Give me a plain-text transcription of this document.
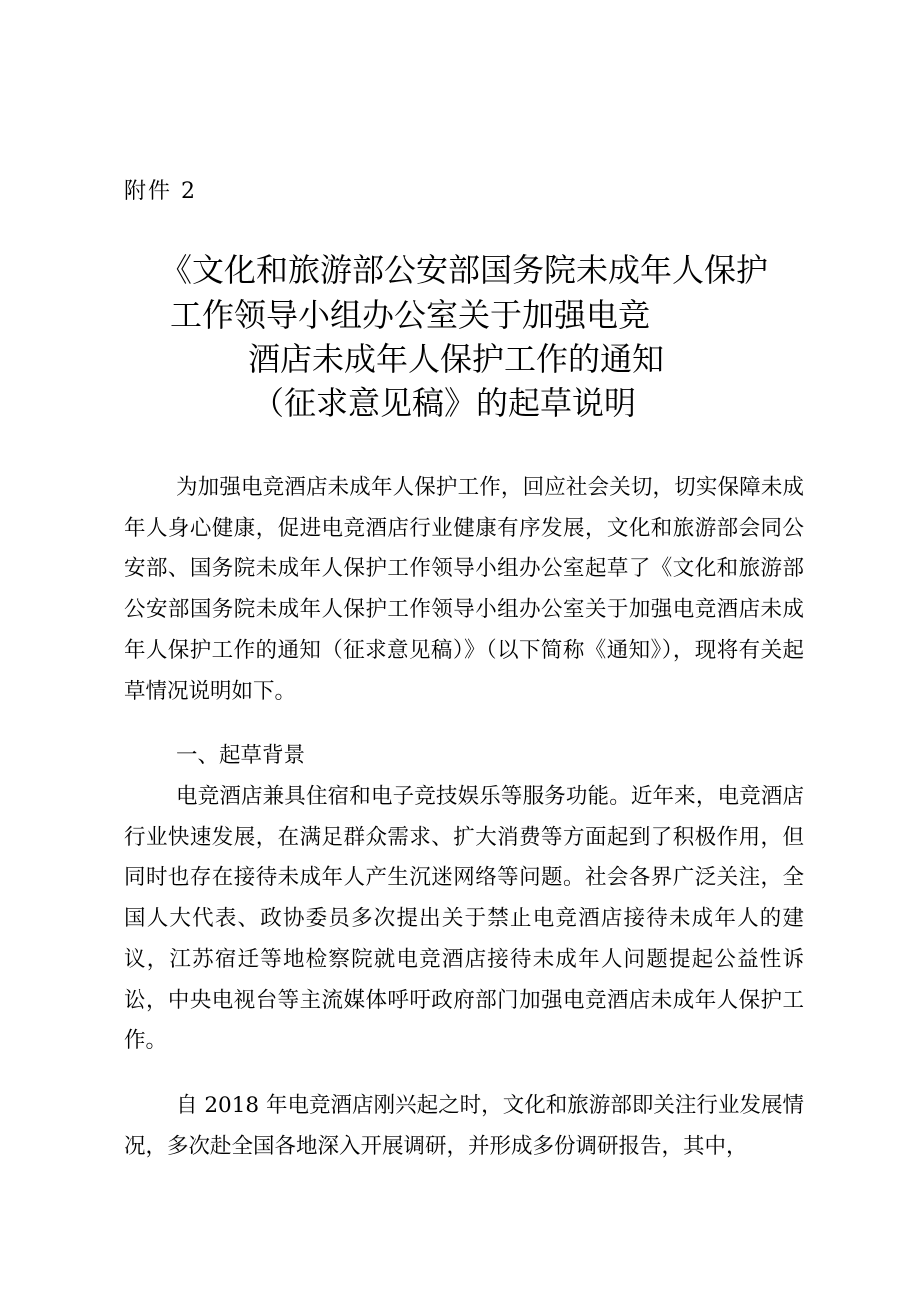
附件 2
《文化和旅游部公安部国务院未成年人保护
工作领导小组办公室关于加强电竞
酒店未成年人保护工作的通知
（征求意见稿》的起草说明

为加强电竞酒店未成年人保护工作，回应社会关切，切实保障未成年人身心健康，促进电竞酒店行业健康有序发展，文化和旅游部会同公安部、国务院未成年人保护工作领导小组办公室起草了《文化和旅游部公安部国务院未成年人保护工作领导小组办公室关于加强电竞酒店未成年人保护工作的通知（征求意见稿）》（以下简称《通知》），现将有关起草情况说明如下。

一、起草背景

电竞酒店兼具住宿和电子竞技娱乐等服务功能。近年来，电竞酒店行业快速发展，在满足群众需求、扩大消费等方面起到了积极作用，但同时也存在接待未成年人产生沉迷网络等问题。社会各界广泛关注，全国人大代表、政协委员多次提出关于禁止电竞酒店接待未成年人的建议，江苏宿迁等地检察院就电竞酒店接待未成年人问题提起公益性诉讼，中央电视台等主流媒体呼吁政府部门加强电竞酒店未成年人保护工作。

自 2018 年电竞酒店刚兴起之时，文化和旅游部即关注行业发展情况，多次赴全国各地深入开展调研，并形成多份调研报告，其中，
